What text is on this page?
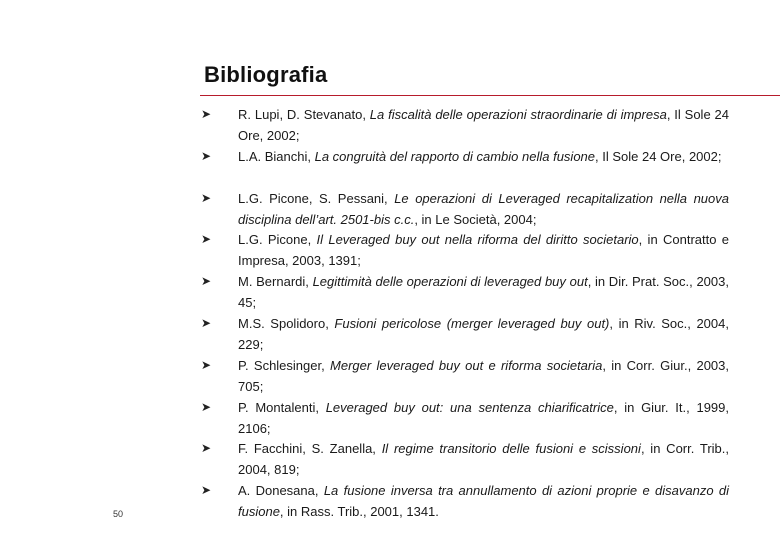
Bibliografia
➤	R. Lupi, D. Stevanato, La fiscalità delle operazioni straordinarie di impresa, Il Sole 24 Ore, 2002;
➤	L.A. Bianchi, La congruità del rapporto di cambio nella fusione, Il Sole 24 Ore, 2002;
➤	L.G. Picone, S. Pessani, Le operazioni di Leveraged recapitalization nella nuova disciplina dell’art. 2501-bis c.c., in Le Società, 2004;
➤	L.G. Picone, Il Leveraged buy out nella riforma del diritto societario, in Contratto e Impresa, 2003, 1391;
➤	M. Bernardi, Legittimità delle operazioni di leveraged buy out, in Dir. Prat. Soc., 2003, 45;
➤	M.S. Spolidoro, Fusioni pericolose (merger leveraged buy out), in Riv. Soc., 2004, 229;
➤	P. Schlesinger, Merger leveraged buy out e riforma societaria, in Corr. Giur., 2003, 705;
➤	P. Montalenti, Leveraged buy out: una sentenza chiarificatrice, in Giur. It., 1999, 2106;
➤	F. Facchini, S. Zanella, Il regime transitorio delle fusioni e scissioni, in Corr. Trib., 2004, 819;
➤	A. Donesana, La fusione inversa tra annullamento di azioni proprie e disavanzo di fusione, in Rass. Trib., 2001, 1341.
50
